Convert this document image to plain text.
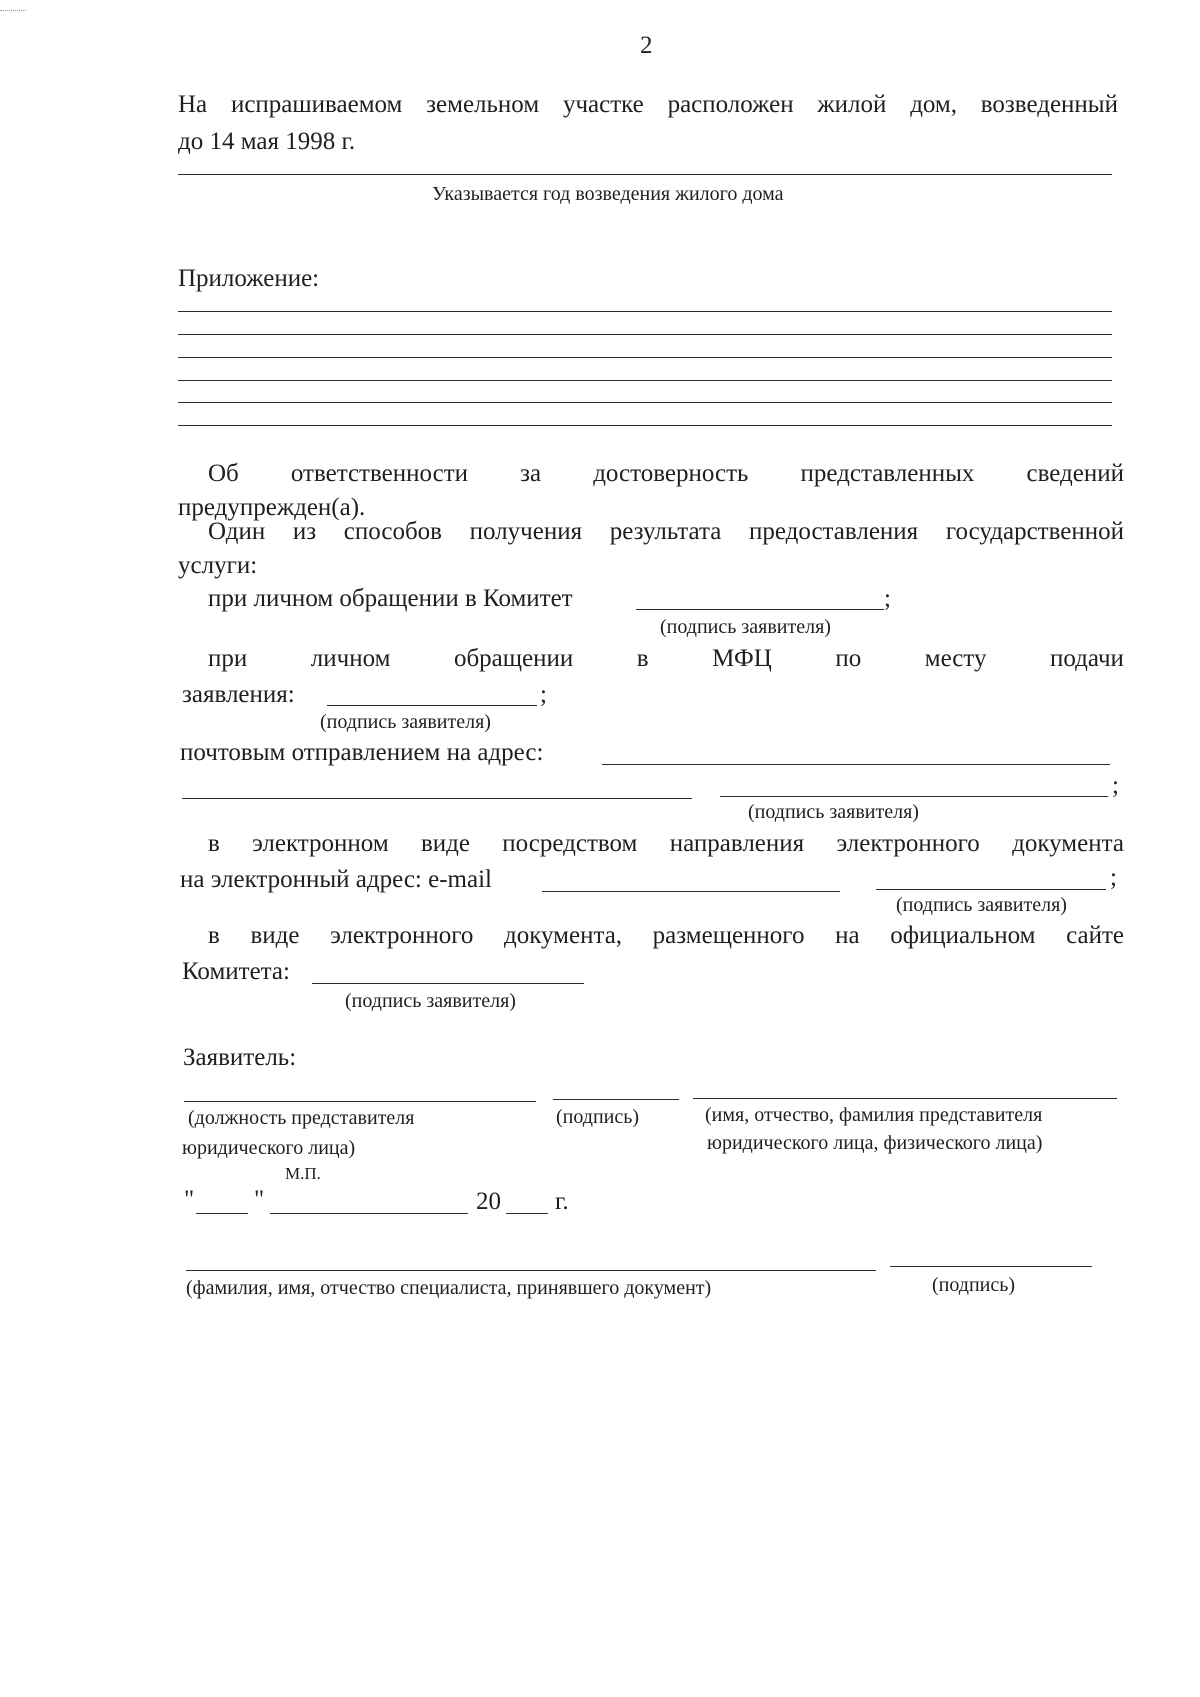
2
На испрашиваемом земельном участке расположен жилой дом, возведенный
до 14 мая 1998 г.
Указывается год возведения жилого дома
Приложение:
Об ответственности за достоверность представленных сведений
предупрежден(а).
Один из способов получения результата предоставления государственной
услуги:
при личном обращении в Комитет	;
(подпись заявителя)
при	личном	обращении	в	МФЦ	по	месту	подачи
заявления:	;
(подпись заявителя)
почтовым отправлением на адрес:
;
(подпись заявителя)
в электронном виде посредством направления электронного документа
на электронный адрес: e-mail	;
(подпись заявителя)
в виде электронного документа, размещенного на официальном сайте
Комитета:
(подпись заявителя)
Заявитель:
(должность представителя
юридического лица)
(подпись)	(имя, отчество, фамилия представителя
юридического лица, физического лица)
М.П.
" "	20 г.
(фамилия, имя, отчество специалиста, принявшего документ)	(подпись)
